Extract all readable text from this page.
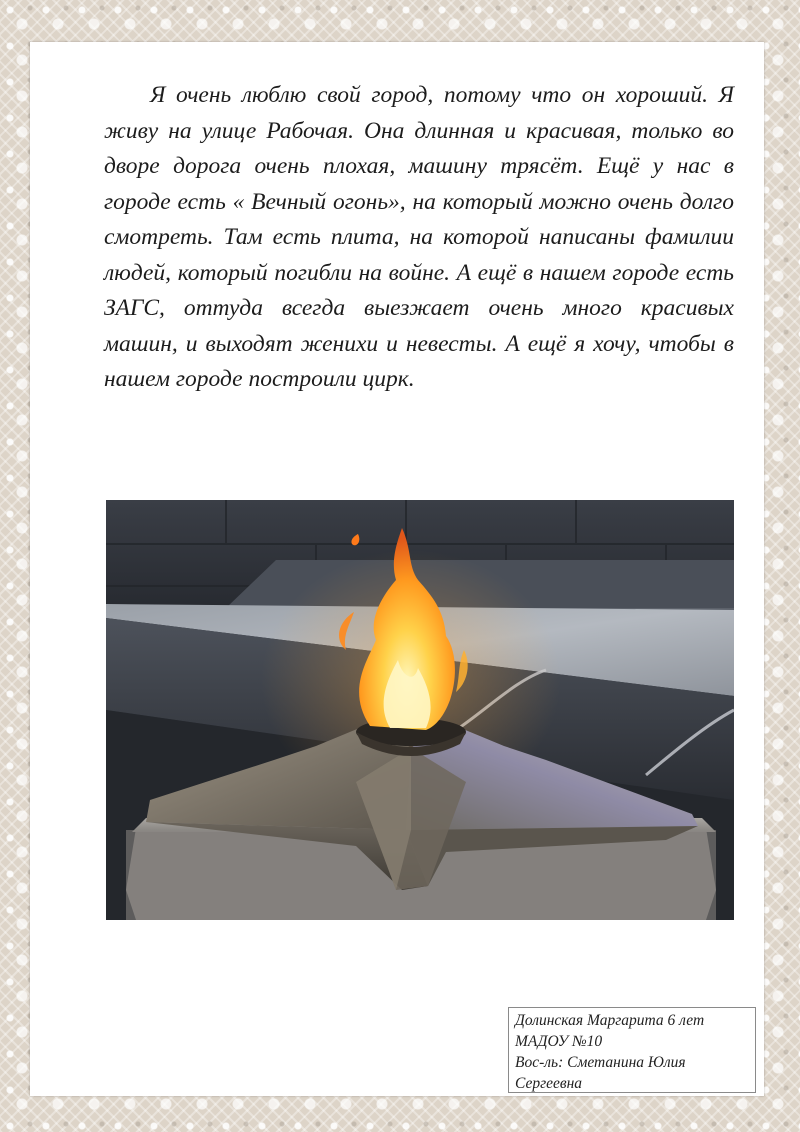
Я очень люблю свой город, потому что он хороший. Я живу на улице Рабочая. Она длинная и красивая, только во дворе дорога очень плохая, машину трясёт. Ещё у нас в городе есть « Вечный огонь», на который можно очень долго смотреть. Там есть плита, на которой написаны фамилии людей, который погибли на войне. А ещё в нашем городе есть ЗАГС, оттуда всегда выезжает очень много красивых машин, и выходят женихи и невесты. А ещё я хочу, чтобы в нашем городе построили цирк.

Долинская Маргарита 6 лет
МАДОУ №10
Вос-ль: Сметанина Юлия
Сергеевна
